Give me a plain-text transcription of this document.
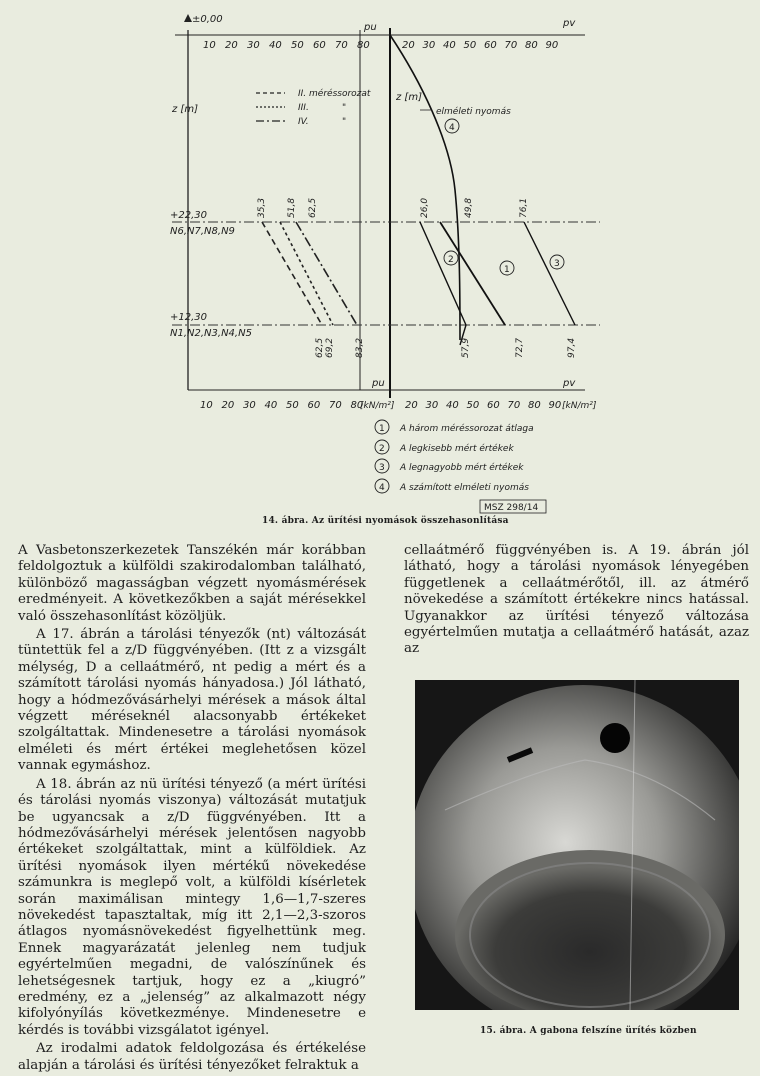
±0,00
z [m]
pu	pv
pu	pv
z [m]
10 20 30 40 50 60 70 80	20 30 40 50 60 70 80 90
10 20 30 40 50 60 70 80	20 30 40 50 60 70 80 90
[kN/m²]	[kN/m²]
+22,30
N6,N7,N8,N9
+12,30
N1,N2,N3,N4,N5
II. méréssorozat
III.
IV.
"
"
elméleti nyomás
4
2
1
3
35,3 51,8 62,5
62,5 69,2 83,2
26,0	49,8	76,1
57,9	72,7	97,4
1 A három méréssorozat átlaga
2 A legkisebb mért értékek
3 A legnagyobb mért értékek
4 A számított elméleti nyomás
MSZ 298/14
14. ábra. Az ürítési nyomások összehasonlítása

A Vasbetonszerkezetek Tanszékén már korábban feldolgoztuk a külföldi szakirodalomban található, különböző magasságban végzett nyomásmérések eredményeit. A következőkben a saját mérésekkel való összehasonlítást közöljük.

A 17. ábrán a tárolási tényezők (nt) változását tüntettük fel a z/D függvényében. (Itt z a vizsgált mélység, D a cellaátmérő, nt pedig a mért és a számított tárolási nyomás hányadosa.) Jól látható, hogy a hódmezővásárhelyi mérések a mások által végzett méréseknél alacsonyabb értékeket szolgáltattak. Mindenesetre a tárolási nyomások elméleti és mért értékei meglehetősen közel vannak egymáshoz.

A 18. ábrán az nü ürítési tényező (a mért ürítési és tárolási nyomás viszonya) változását mutatjuk be ugyancsak a z/D függvényében. Itt a hódmezővásárhelyi mérések jelentősen nagyobb értékeket szolgáltattak, mint a külföldiek. Az ürítési nyomások ilyen mértékű növekedése számunkra is meglepő volt, a külföldi kísérletek során maximálisan mintegy 1,6—1,7-szeres növekedést tapasztaltak, míg itt 2,1—2,3-szoros átlagos nyomásnövekedést figyelhettünk meg. Ennek magyarázatát jelenleg nem tudjuk egyértelműen megadni, de valószínűnek és lehetségesnek tartjuk, hogy ez a „kiugró” eredmény, ez a „jelenség” az alkalmazott négy kifolyónyílás következménye. Mindenesetre e kérdés is további vizsgálatot igényel.

Az irodalmi adatok feldolgozása és értékelése alapján a tárolási és ürítési tényezőket felraktuk a

cellaátmérő függvényében is. A 19. ábrán jól látható, hogy a tárolási nyomások lényegében függetlenek a cellaátmérőtől, ill. az átmérő növekedése a számított értékekre nincs hatással. Ugyanakkor az ürítési tényező változása egyértelműen mutatja a cellaátmérő hatását, azaz az

15. ábra. A gabona felszíne ürítés közben
